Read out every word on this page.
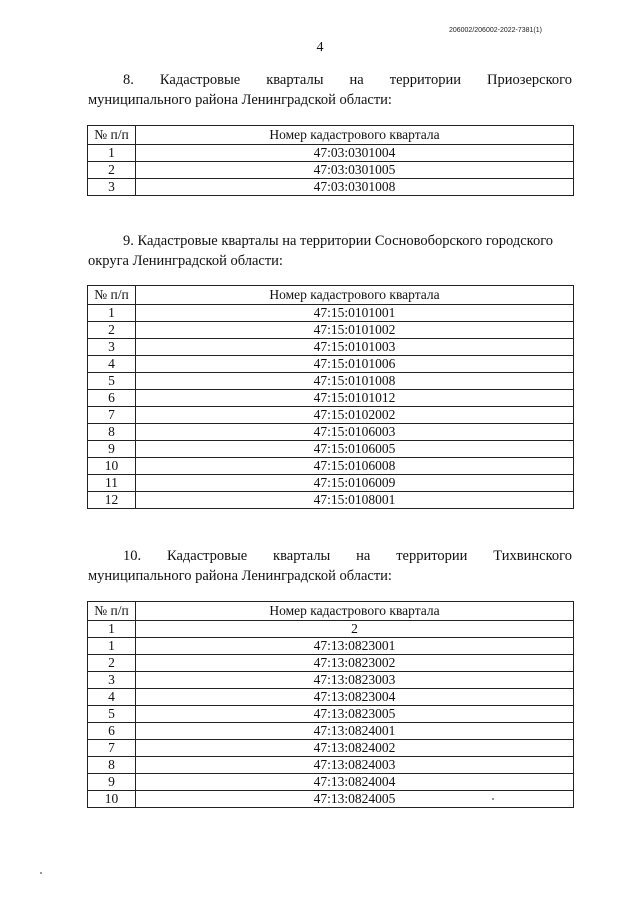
206002/206002-2022-7381(1)
4

8. Кадастровые кварталы на территории Приозерского
муниципального района Ленинградской области:

№ п/п	Номер кадастрового квартала
1	47:03:0301004
2	47:03:0301005
3	47:03:0301008

9. Кадастровые кварталы на территории Сосновоборского городского
округа Ленинградской области:

№ п/п	Номер кадастрового квартала
1	47:15:0101001
2	47:15:0101002
3	47:15:0101003
4	47:15:0101006
5	47:15:0101008
6	47:15:0101012
7	47:15:0102002
8	47:15:0106003
9	47:15:0106005
10	47:15:0106008
11	47:15:0106009
12	47:15:0108001

10. Кадастровые кварталы на территории Тихвинского
муниципального района Ленинградской области:

№ п/п	Номер кадастрового квартала
1	2
1	47:13:0823001
2	47:13:0823002
3	47:13:0823003
4	47:13:0823004
5	47:13:0823005
6	47:13:0824001
7	47:13:0824002
8	47:13:0824003
9	47:13:0824004
10	47:13:0824005
